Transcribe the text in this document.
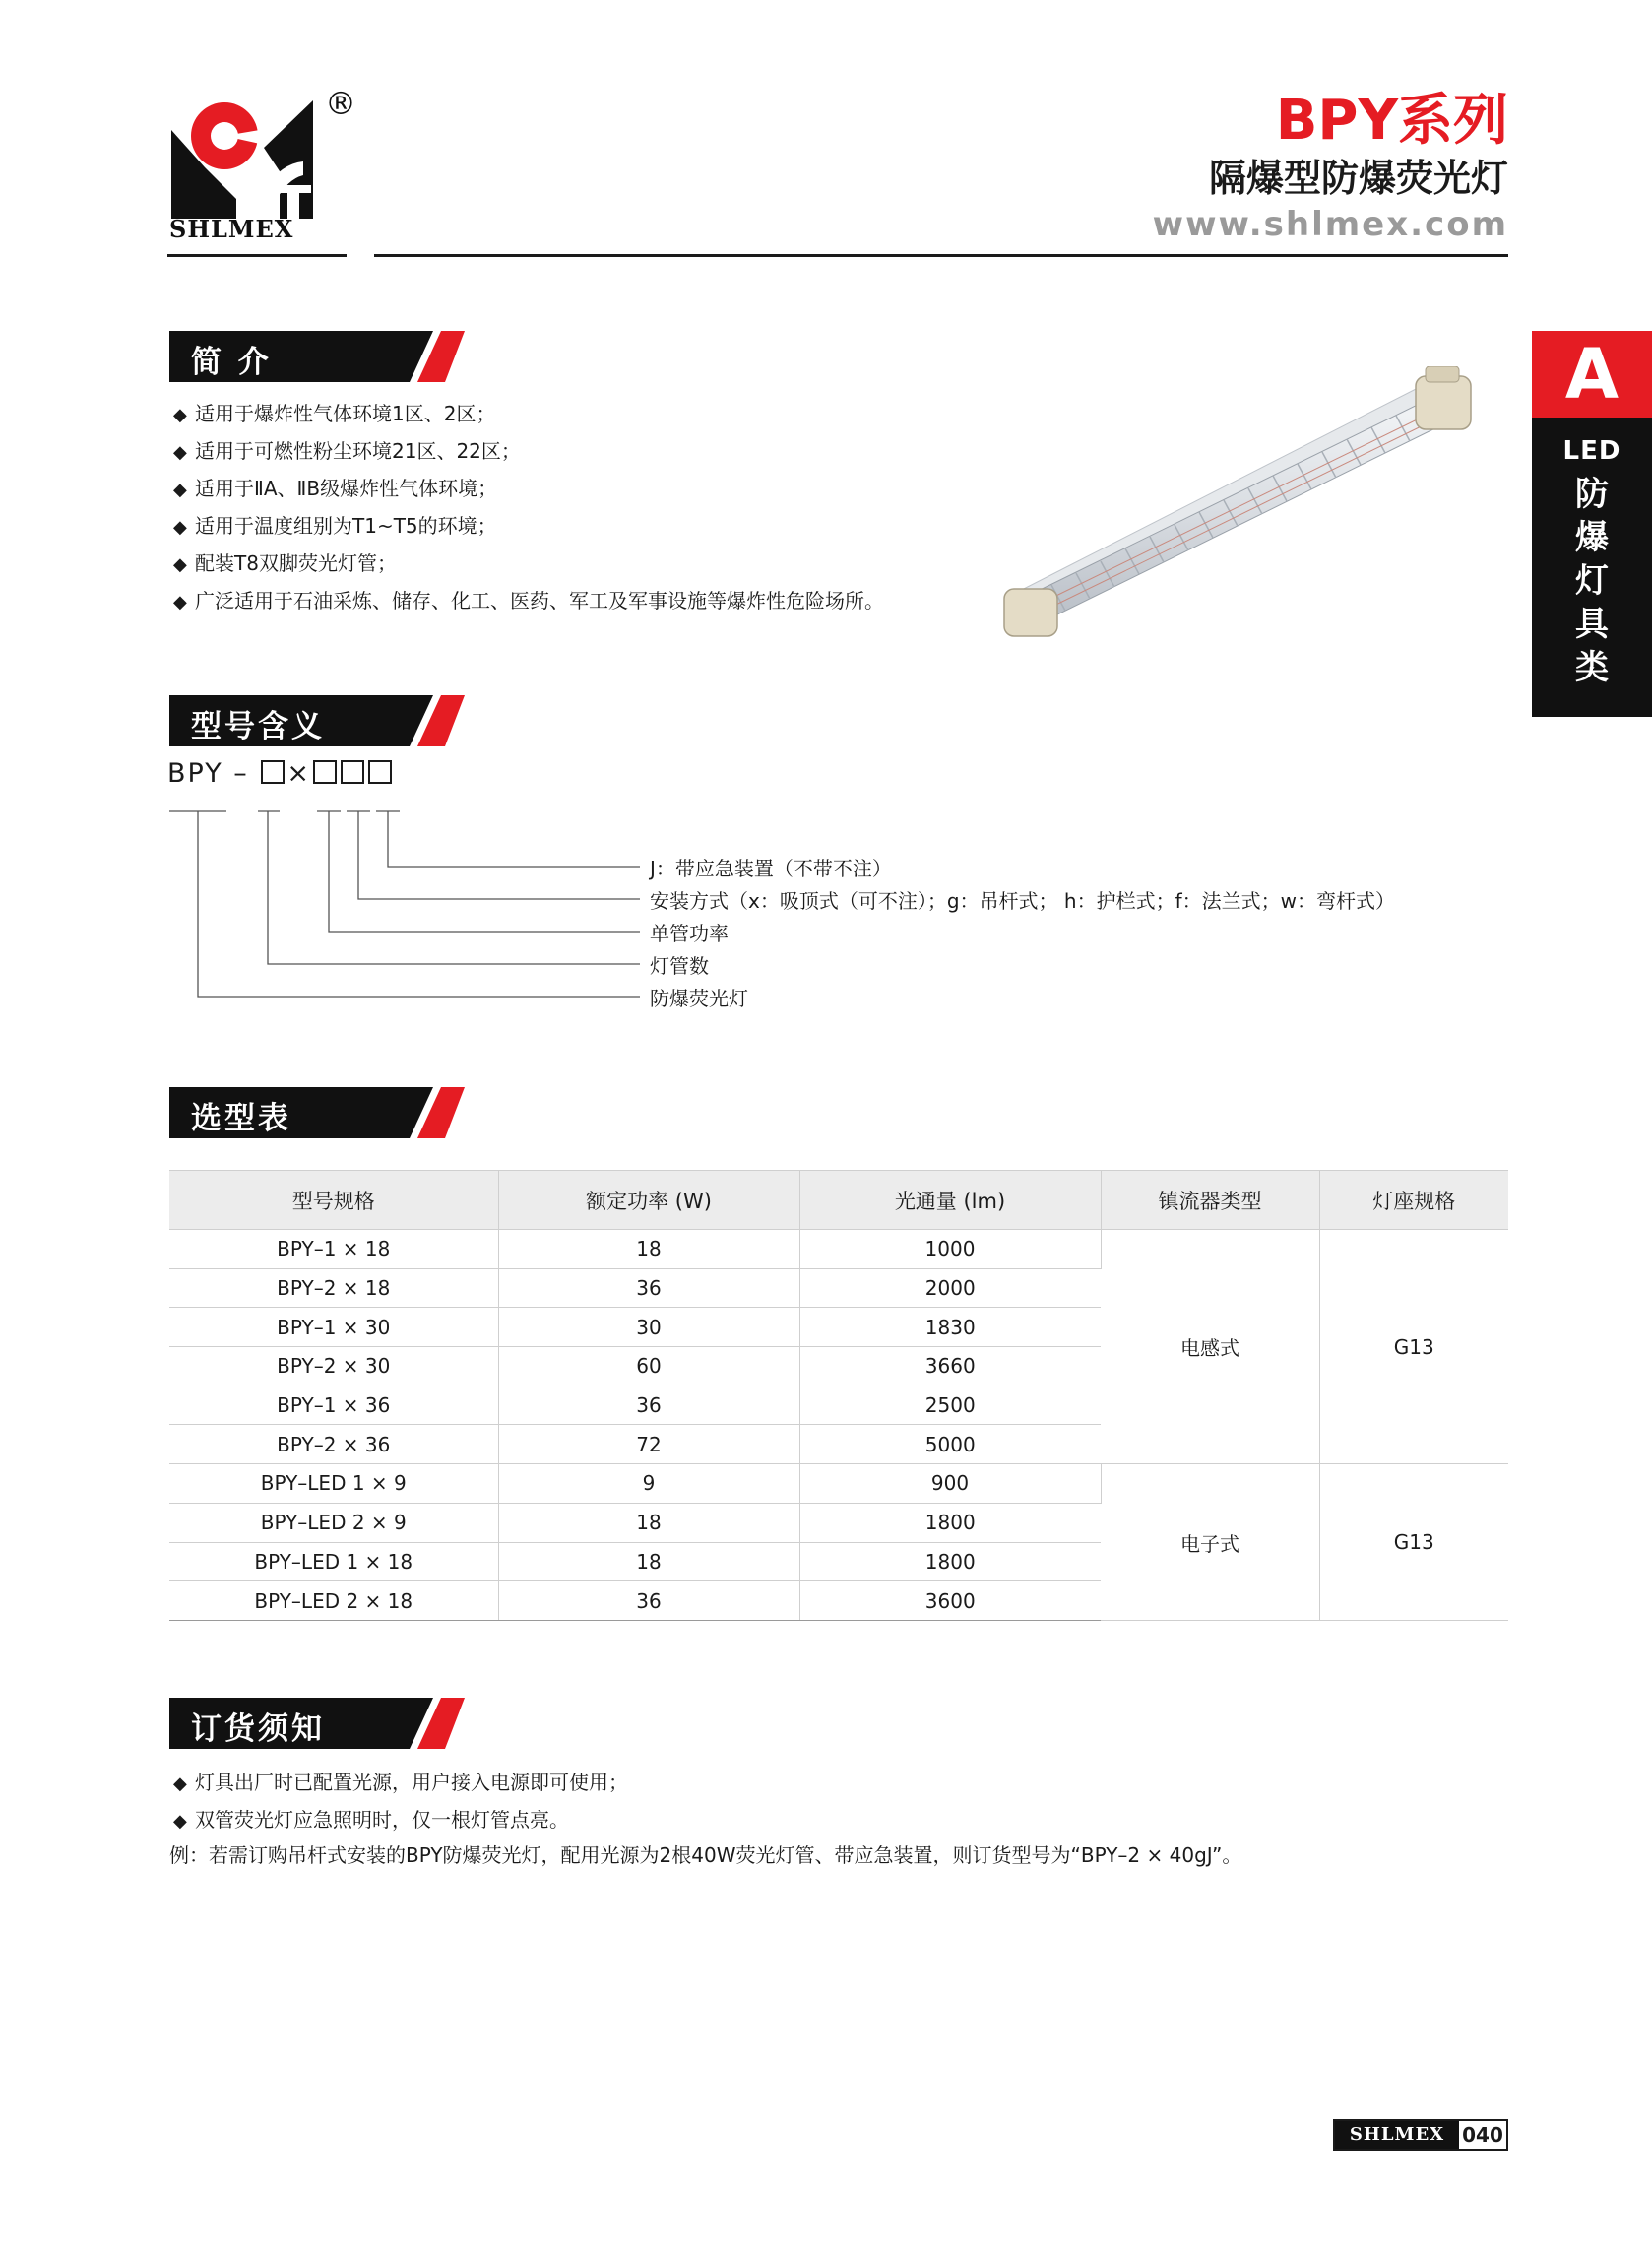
®
SHLMEX
BPY系列
隔爆型防爆荧光灯
www.shlmex.com
A
LED
防
爆
灯
具
类
简 介
◆ 适用于爆炸性气体环境1区、2区；
◆ 适用于可燃性粉尘环境21区、22区；
◆ 适用于ⅡA、ⅡB级爆炸性气体环境；
◆ 适用于温度组别为T1~T5的环境；
◆ 配装T8双脚荧光灯管；
◆ 广泛适用于石油采炼、储存、化工、医药、军工及军事设施等爆炸性危险场所。
型号含义
BPY – ×
J：带应急装置（不带不注）
安装方式（x：吸顶式（可不注）；g：吊杆式； h：护栏式；f：法兰式；w：弯杆式）
单管功率
灯管数
防爆荧光灯
选型表
型号规格	额定功率 (W)	光通量 (lm)	镇流器类型	灯座规格
BPY–1 × 18	18	1000	电感式	G13
BPY–2 × 18	36	2000		
BPY–1 × 30	30	1830		
BPY–2 × 30	60	3660		
BPY–1 × 36	36	2500		
BPY–2 × 36	72	5000		
BPY–LED 1 × 9	9	900	电子式	G13
BPY–LED 2 × 9	18	1800		
BPY–LED 1 × 18	18	1800		
BPY–LED 2 × 18	36	3600		
订货须知
◆ 灯具出厂时已配置光源，用户接入电源即可使用；
◆ 双管荧光灯应急照明时，仅一根灯管点亮。
例：若需订购吊杆式安装的BPY防爆荧光灯，配用光源为2根40W荧光灯管、带应急装置，则订货型号为“BPY–2 × 40gJ”。
SHLMEX 040
